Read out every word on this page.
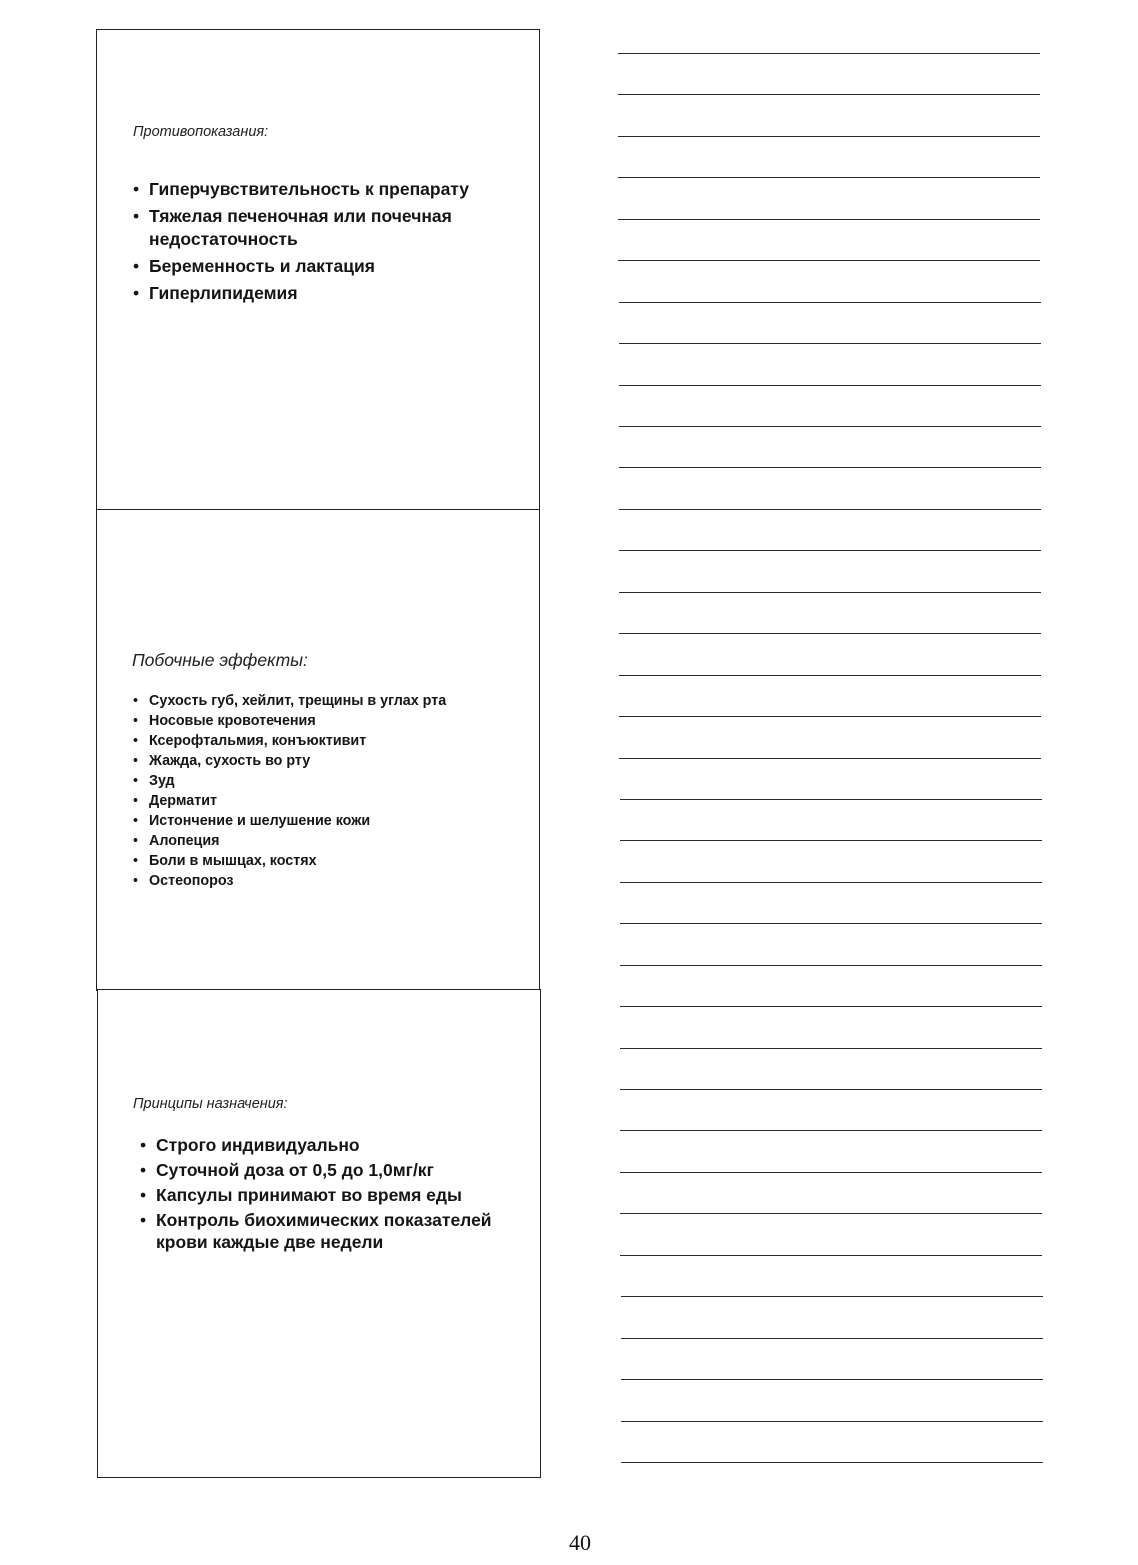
Противопоказания:
• Гиперчувствительность к препарату
• Тяжелая печеночная или почечная недостаточность
• Беременность и лактация
• Гиперлипидемия
Побочные эффекты:
• Сухость губ, хейлит, трещины в углах рта
• Носовые кровотечения
• Ксерофтальмия, конъюктивит
• Жажда, сухость во рту
• Зуд
• Дерматит
• Истончение и шелушение кожи
• Алопеция
• Боли в мышцах, костях
• Остеопороз
Принципы назначения:
• Строго индивидуально
• Суточной доза от 0,5 до 1,0мг/кг
• Капсулы принимают во время еды
• Контроль биохимических показателей крови каждые две недели
40
